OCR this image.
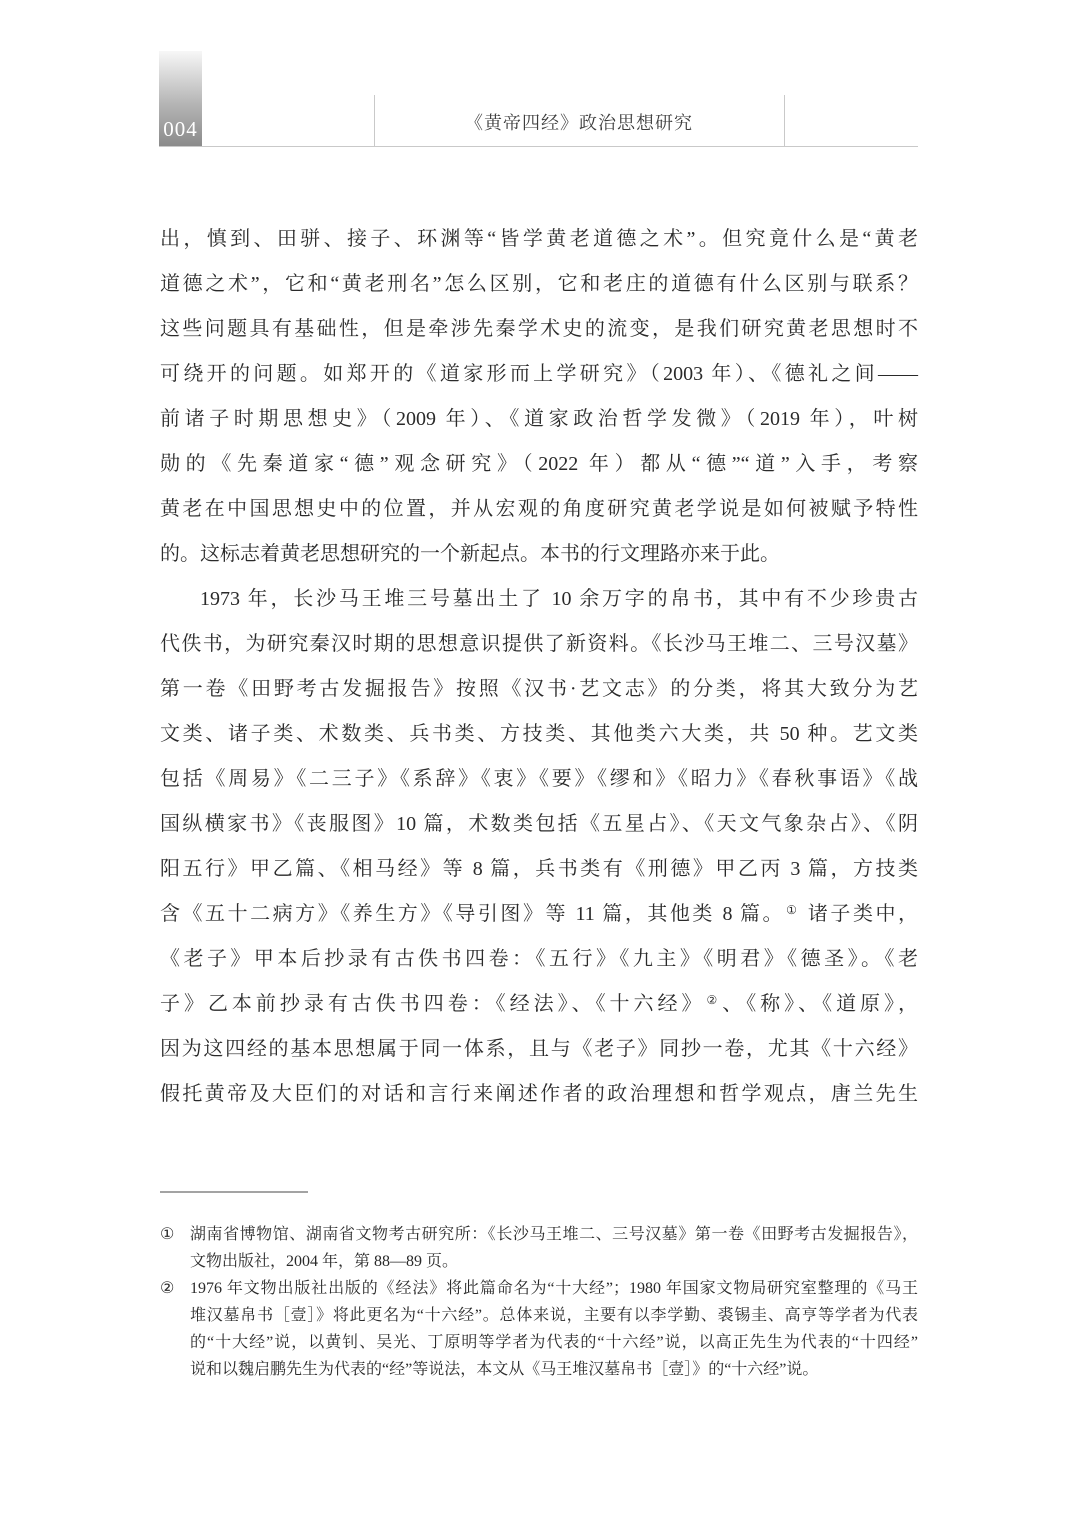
004	《黄帝四经》政治思想研究
出，慎到、田骈、接子、环渊等“皆学黄老道德之术”。但究竟什么是“黄老
道德之术”，它和“黄老刑名”怎么区别，它和老庄的道德有什么区别与联系？
这些问题具有基础性，但是牵涉先秦学术史的流变，是我们研究黄老思想时不
可绕开的问题。如郑开的《道家形而上学研究》（2003 年）、《德礼之间——
前诸子时期思想史》（2009 年）、《道家政治哲学发微》（2019 年），叶树
勋的《先秦道家“德”观念研究》（2022 年）都从“德”“道”入手，考察
黄老在中国思想史中的位置，并从宏观的角度研究黄老学说是如何被赋予特性
的。这标志着黄老思想研究的一个新起点。本书的行文理路亦来于此。
1973 年，长沙马王堆三号墓出土了 10 余万字的帛书，其中有不少珍贵古
代佚书，为研究秦汉时期的思想意识提供了新资料。《长沙马王堆二、三号汉墓》
第一卷《田野考古发掘报告》按照《汉书·艺文志》的分类，将其大致分为艺
文类、诸子类、术数类、兵书类、方技类、其他类六大类，共 50 种。艺文类
包括《周易》《二三子》《系辞》《衷》《要》《缪和》《昭力》《春秋事语》《战
国纵横家书》《丧服图》10 篇，术数类包括《五星占》、《天文气象杂占》、《阴
阳五行》甲乙篇、《相马经》等 8 篇，兵书类有《刑德》甲乙丙 3 篇，方技类
含《五十二病方》《养生方》《导引图》等 11 篇，其他类 8 篇。① 诸子类中，
《老子》甲本后抄录有古佚书四卷：《五行》《九主》《明君》《德圣》。《老
子》乙本前抄录有古佚书四卷：《经法》、《十六经》②、《称》、《道原》，
因为这四经的基本思想属于同一体系，且与《老子》同抄一卷，尤其《十六经》
假托黄帝及大臣们的对话和言行来阐述作者的政治理想和哲学观点，唐兰先生
① 湖南省博物馆、湖南省文物考古研究所：《长沙马王堆二、三号汉墓》第一卷《田野考古发掘报告》，
文物出版社，2004 年，第 88—89 页。
② 1976 年文物出版社出版的《经法》将此篇命名为“十大经”；1980 年国家文物局研究室整理的《马王
堆汉墓帛书［壹］》将此更名为“十六经”。总体来说，主要有以李学勤、裘锡圭、高亨等学者为代表
的“十大经”说，以黄钊、吴光、丁原明等学者为代表的“十六经”说，以高正先生为代表的“十四经”
说和以魏启鹏先生为代表的“经”等说法，本文从《马王堆汉墓帛书［壹］》的“十六经”说。
